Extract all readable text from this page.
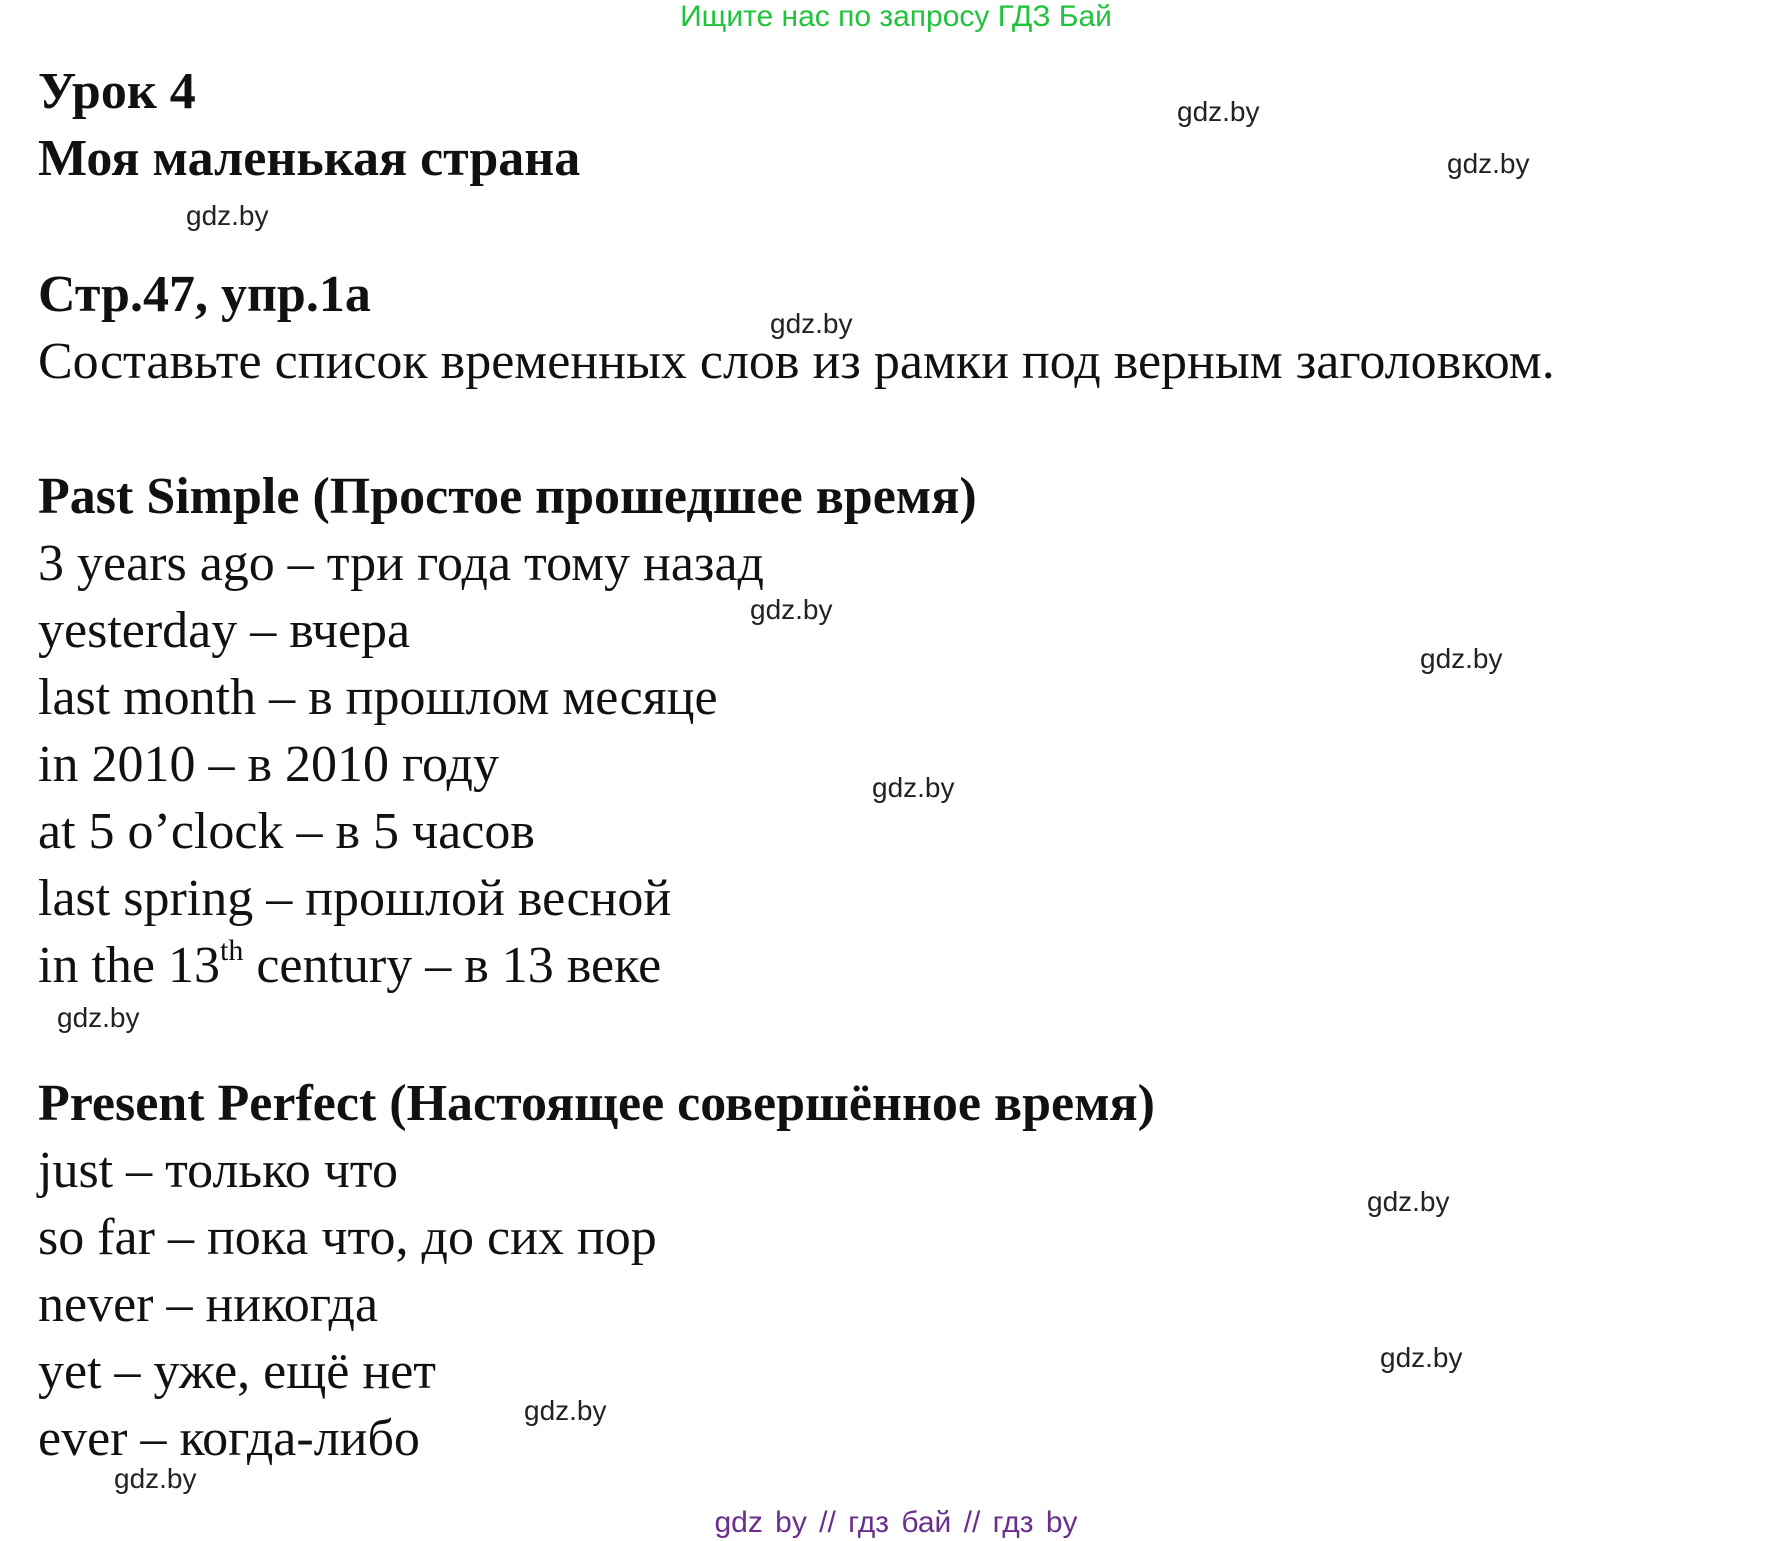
Ищите нас по запросу ГДЗ Бай
Урок 4
Моя маленькая страна
Стр.47, упр.1a
Составьте список временных слов из рамки под верным заголовком.
Past Simple (Простое прошедшее время)
3 years ago – три года тому назад
yesterday – вчера
last month – в прошлом месяце
in 2010 – в 2010 году
at 5 o’clock – в 5 часов
last spring – прошлой весной
in the 13th century – в 13 веке
Present Perfect (Настоящее совершённое время)
just – только что
so far – пока что, до сих пор
never – никогда
yet – уже, ещё нет
ever – когда-либо
gdz.by
gdz.by
gdz.by
gdz.by
gdz.by
gdz.by
gdz.by
gdz.by
gdz.by
gdz.by
gdz.by
gdz.by
gdz by // гдз бай // гдз by
